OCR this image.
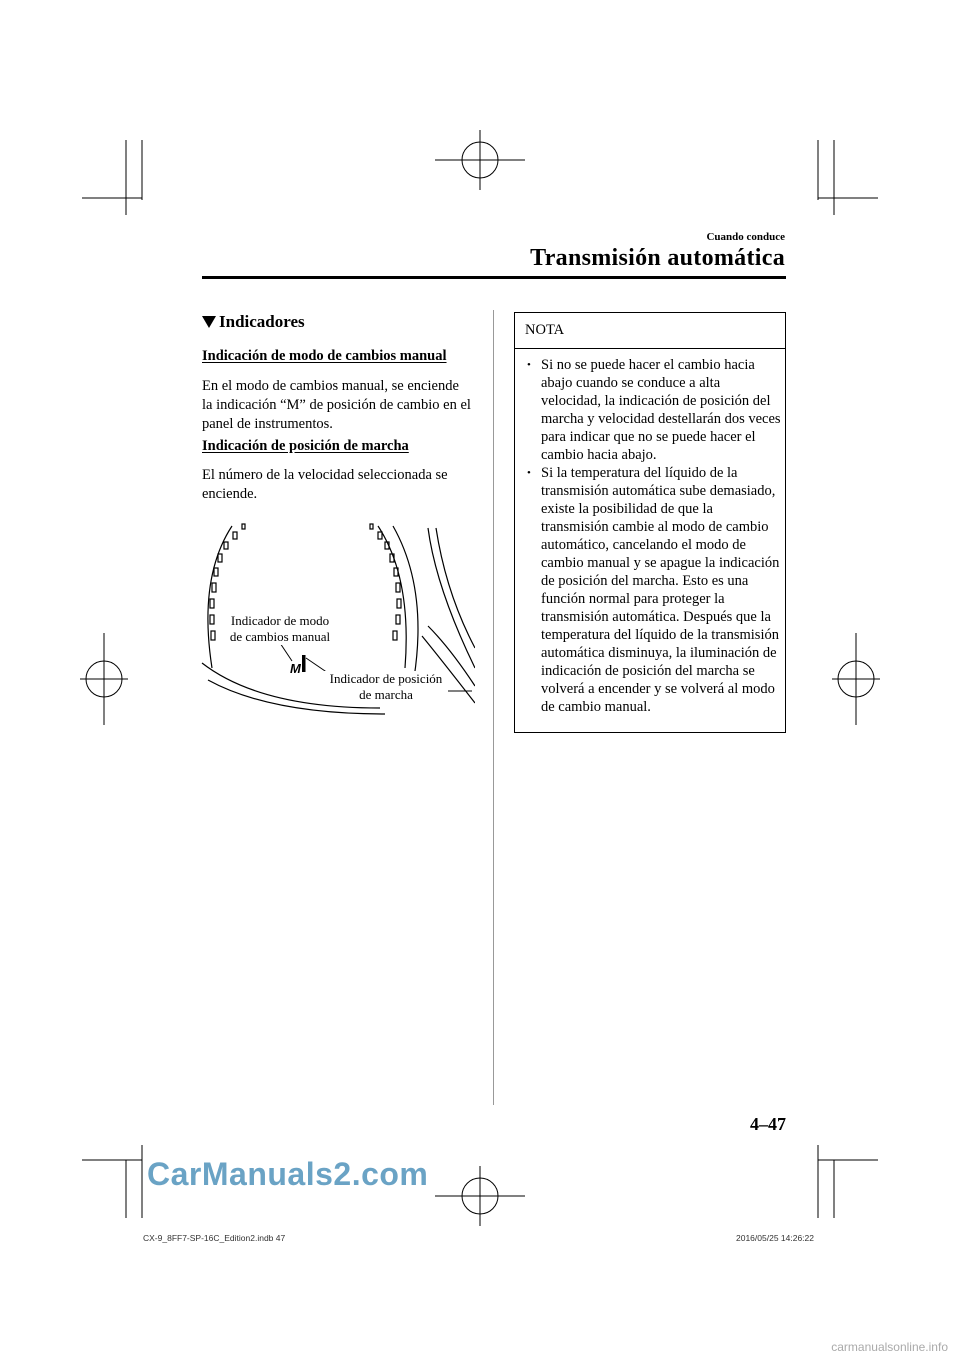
Cuando conduce
Transmisión automática
Indicadores
Indicación de modo de cambios manual
En el modo de cambios manual, se enciende la indicación “M” de posición de cambio en el panel de instrumentos.
Indicación de posición de marcha
El número de la velocidad seleccionada se enciende.
M
Indicador de modo
de cambios manual
Indicador de posición
de marcha
NOTA
• Si no se puede hacer el cambio hacia abajo cuando se conduce a alta velocidad, la indicación de posición del marcha y velocidad destellarán dos veces para indicar que no se puede hacer el cambio hacia abajo.
• Si la temperatura del líquido de la transmisión automática sube demasiado, existe la posibilidad de que la transmisión cambie al modo de cambio automático, cancelando el modo de cambio manual y se apague la indicación de posición del marcha. Esto es una función normal para proteger la transmisión automática. Después que la temperatura del líquido de la transmisión automática disminuya, la iluminación de indicación de posición del marcha se volverá a encender y se volverá al modo de cambio manual.
4–47
CarManuals2.com
CX-9_8FF7-SP-16C_Edition2.indb 47	2016/05/25 14:26:22
carmanualsonline.info
